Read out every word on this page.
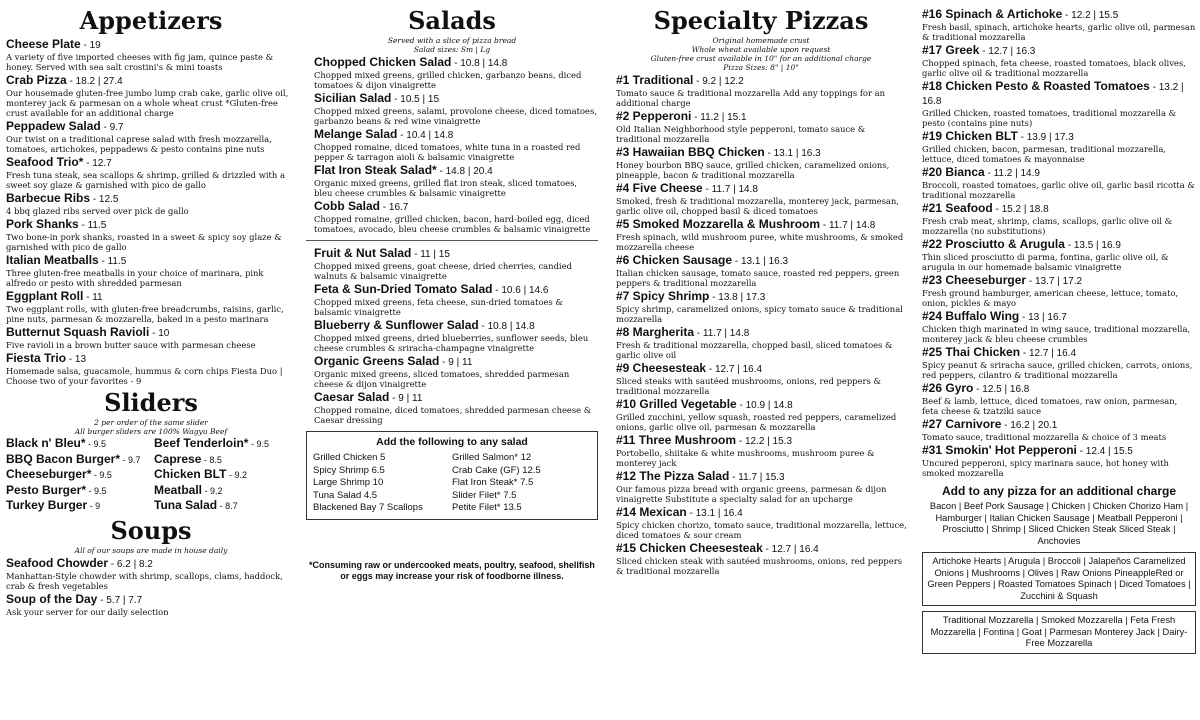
Appetizers
Cheese Plate - 19
A variety of five imported cheeses with fig jam, quince paste & honey. Served with sea salt crostini's & mini toasts
Crab Pizza - 18.2 | 27.4
Our housemade gluten-free jumbo lump crab cake, garlic olive oil, monterey jack & parmesan on a whole wheat crust *Gluten-free crust available for an additional charge
Peppadew Salad - 9.7
Our twist on a traditional caprese salad with fresh mozzarella, tomatoes, artichokes, peppadews & pesto contains pine nuts
Seafood Trio* - 12.7
Fresh tuna steak, sea scallops & shrimp, grilled & drizzled with a sweet soy glaze & garnished with pico de gallo
Barbecue Ribs - 12.5
4 bbq glazed ribs served over pick de gallo
Pork Shanks - 11.5
Two bone-in pork shanks, roasted in a sweet & spicy soy glaze & garnished with pico de gallo
Italian Meatballs - 11.5
Three gluten-free meatballs in your choice of marinara, pink alfredo or pesto with shredded parmesan
Eggplant Roll - 11
Two eggplant rolls, with gluten-free breadcrumbs, raisins, garlic, pine nuts, parmesan & mozzarella, baked in a pesto marinara
Butternut Squash Ravioli - 10
Five ravioli in a brown butter sauce with parmesan cheese
Fiesta Trio - 13
Homemade salsa, guacamole, hummus & corn chips Fiesta Duo | Choose two of your favorites - 9
Sliders
2 per order of the same slider
All burger sliders are 100% Wagyu Beef
Black n' Bleu* - 9.5	Beef Tenderloin* - 9.5
BBQ Bacon Burger* - 9.7	Caprese - 8.5
Cheeseburger* - 9.5	Chicken BLT - 9.2
Pesto Burger* - 9.5	Meatball - 9.2
Turkey Burger - 9	Tuna Salad - 8.7
Soups
All of our soups are made in house daily
Seafood Chowder - 6.2 | 8.2
Manhattan-Style chowder with shrimp, scallops, clams, haddock, crab & fresh vegetables
Soup of the Day - 5.7 | 7.7
Ask your server for our daily selection
Salads
Served with a slice of pizza bread
Salad sizes: Sm | Lg
Chopped Chicken Salad - 10.8 | 14.8
Chopped mixed greens, grilled chicken, garbanzo beans, diced tomatoes & dijon vinaigrette
Sicilian Salad - 10.5 | 15
Chopped mixed greens, salami, provolone cheese, diced tomatoes, garbanzo beans & red wine vinaigrette
Melange Salad - 10.4 | 14.8
Chopped romaine, diced tomatoes, white tuna in a roasted red pepper & tarragon aioli & balsamic vinaigrette
Flat Iron Steak Salad* - 14.8 | 20.4
Organic mixed greens, grilled flat iron steak, sliced tomatoes, bleu cheese crumbles & balsamic vinaigrette
Cobb Salad - 16.7
Chopped romaine, grilled chicken, bacon, hard-boiled egg, diced tomatoes, avocado, bleu cheese crumbles & balsamic vinaigrette
Fruit & Nut Salad - 11 | 15
Chopped mixed greens, goat cheese, dried cherries, candied walnuts & balsamic vinaigrette
Feta & Sun-Dried Tomato Salad - 10.6 | 14.6
Chopped mixed greens, feta cheese, sun-dried tomatoes & balsamic vinaigrette
Blueberry & Sunflower Salad - 10.8 | 14.8
Chopped mixed greens, dried blueberries, sunflower seeds, bleu cheese crumbles & sriracha-champagne vinaigrette
Organic Greens Salad - 9 | 11
Organic mixed greens, sliced tomatoes, shredded parmesan cheese & dijon vinaigrette
Caesar Salad - 9 | 11
Chopped romaine, diced tomatoes, shredded parmesan cheese & Caesar dressing
Add the following to any salad
Grilled Chicken 5	Grilled Salmon* 12
Spicy Shrimp 6.5	Crab Cake (GF) 12.5
Large Shrimp 10	Flat Iron Steak* 7.5
Tuna Salad 4.5	Slider Filet* 7.5
Blackened Bay 7 Scallops	Petite Filet* 13.5
*Consuming raw or undercooked meats, poultry, seafood, shellfish or eggs may increase your risk of foodborne illness.
Specialty Pizzas
Original homemade crust
Whole wheat available upon request
Gluten-free crust available in 10" for an additional charge
Pizza Sizes: 8" | 10"
#1 Traditional - 9.2 | 12.2
Tomato sauce & traditional mozzarella Add any toppings for an additional charge
#2 Pepperoni - 11.2 | 15.1
Old Italian Neighborhood style pepperoni, tomato sauce & traditional mozzarella
#3 Hawaiian BBQ Chicken - 13.1 | 16.3
Honey bourbon BBQ sauce, grilled chicken, caramelized onions, pineapple, bacon & traditional mozzarella
#4 Five Cheese - 11.7 | 14.8
Smoked, fresh & traditional mozzarella, monterey jack, parmesan, garlic olive oil, chopped basil & diced tomatoes
#5 Smoked Mozzarella & Mushroom - 11.7 | 14.8
Fresh spinach, wild mushroom puree, white mushrooms, & smoked mozzarella cheese
#6 Chicken Sausage - 13.1 | 16.3
Italian chicken sausage, tomato sauce, roasted red peppers, green peppers & traditional mozzarella
#7 Spicy Shrimp - 13.8 | 17.3
Spicy shrimp, caramelized onions, spicy tomato sauce & traditional mozzarella
#8 Margherita - 11.7 | 14.8
Fresh & traditional mozzarella, chopped basil, sliced tomatoes & garlic olive oil
#9 Cheesesteak - 12.7 | 16.4
Sliced steaks with sautéed mushrooms, onions, red peppers & traditional mozzarella
#10 Grilled Vegetable - 10.9 | 14.8
Grilled zucchini, yellow squash, roasted red peppers, caramelized onions, garlic olive oil, parmesan & mozzarella
#11 Three Mushroom - 12.2 | 15.3
Portobello, shiitake & white mushrooms, mushroom puree & monterey jack
#12 The Pizza Salad - 11.7 | 15.3
Our famous pizza bread with organic greens, parmesan & dijon vinaigrette Substitute a specialty salad for an upcharge
#14 Mexican - 13.1 | 16.4
Spicy chicken chorizo, tomato sauce, traditional mozzarella, lettuce, diced tomatoes & sour cream
#15 Chicken Cheesesteak - 12.7 | 16.4
Sliced chicken steak with sautéed mushrooms, onions, red peppers & traditional mozzarella
#16 Spinach & Artichoke - 12.2 | 15.5
Fresh basil, spinach, artichoke hearts, garlic olive oil, parmesan & traditional mozzarella
#17 Greek - 12.7 | 16.3
Chopped spinach, feta cheese, roasted tomatoes, black olives, garlic olive oil & traditional mozzarella
#18 Chicken Pesto & Roasted Tomatoes - 13.2 | 16.8
Grilled Chicken, roasted tomatoes, traditional mozzarella & pesto (contains pine nuts)
#19 Chicken BLT - 13.9 | 17.3
Grilled chicken, bacon, parmesan, traditional mozzarella, lettuce, diced tomatoes & mayonnaise
#20 Bianca - 11.2 | 14.9
Broccoli, roasted tomatoes, garlic olive oil, garlic basil ricotta & traditional mozzarella
#21 Seafood - 15.2 | 18.8
Fresh crab meat, shrimp, clams, scallops, garlic olive oil & mozzarella (no substitutions)
#22 Prosciutto & Arugula - 13.5 | 16.9
Thin sliced prosciutto di parma, fontina, garlic olive oil, & arugula in our homemade balsamic vinaigrette
#23 Cheeseburger - 13.7 | 17.2
Fresh ground hamburger, american cheese, lettuce, tomato, onion, pickles & mayo
#24 Buffalo Wing - 13 | 16.7
Chicken thigh marinated in wing sauce, traditional mozzarella, monterey jack & bleu cheese crumbles
#25 Thai Chicken - 12.7 | 16.4
Spicy peanut & sriracha sauce, grilled chicken, carrots, onions, red peppers, cilantro & traditional mozzarella
#26 Gyro - 12.5 | 16.8
Beef & lamb, lettuce, diced tomatoes, raw onion, parmesan, feta cheese & tzatziki sauce
#27 Carnivore - 16.2 | 20.1
Tomato sauce, traditional mozzarella & choice of 3 meats
#31 Smokin' Hot Pepperoni - 12.4 | 15.5
Uncured pepperoni, spicy marinara sauce, hot honey with smoked mozzarella
Add to any pizza for an additional charge
Bacon | Beef Pork Sausage | Chicken | Chicken Chorizo Ham | Hamburger | Italian Chicken Sausage | Meatball Pepperoni | Prosciutto | Shrimp | Sliced Chicken Steak Sliced Steak | Anchovies
Artichoke Hearts | Arugula | Broccoli | Jalapeños Caramelized Onions | Mushrooms | Olives | Raw Onions PineappleRed or Green Peppers | Roasted Tomatoes Spinach | Diced Tomatoes | Zucchini & Squash
Traditional Mozzarella | Smoked Mozzarella | Feta Fresh Mozzarella | Fontina | Goat | Parmesan Monterey Jack | Dairy-Free Mozzarella
